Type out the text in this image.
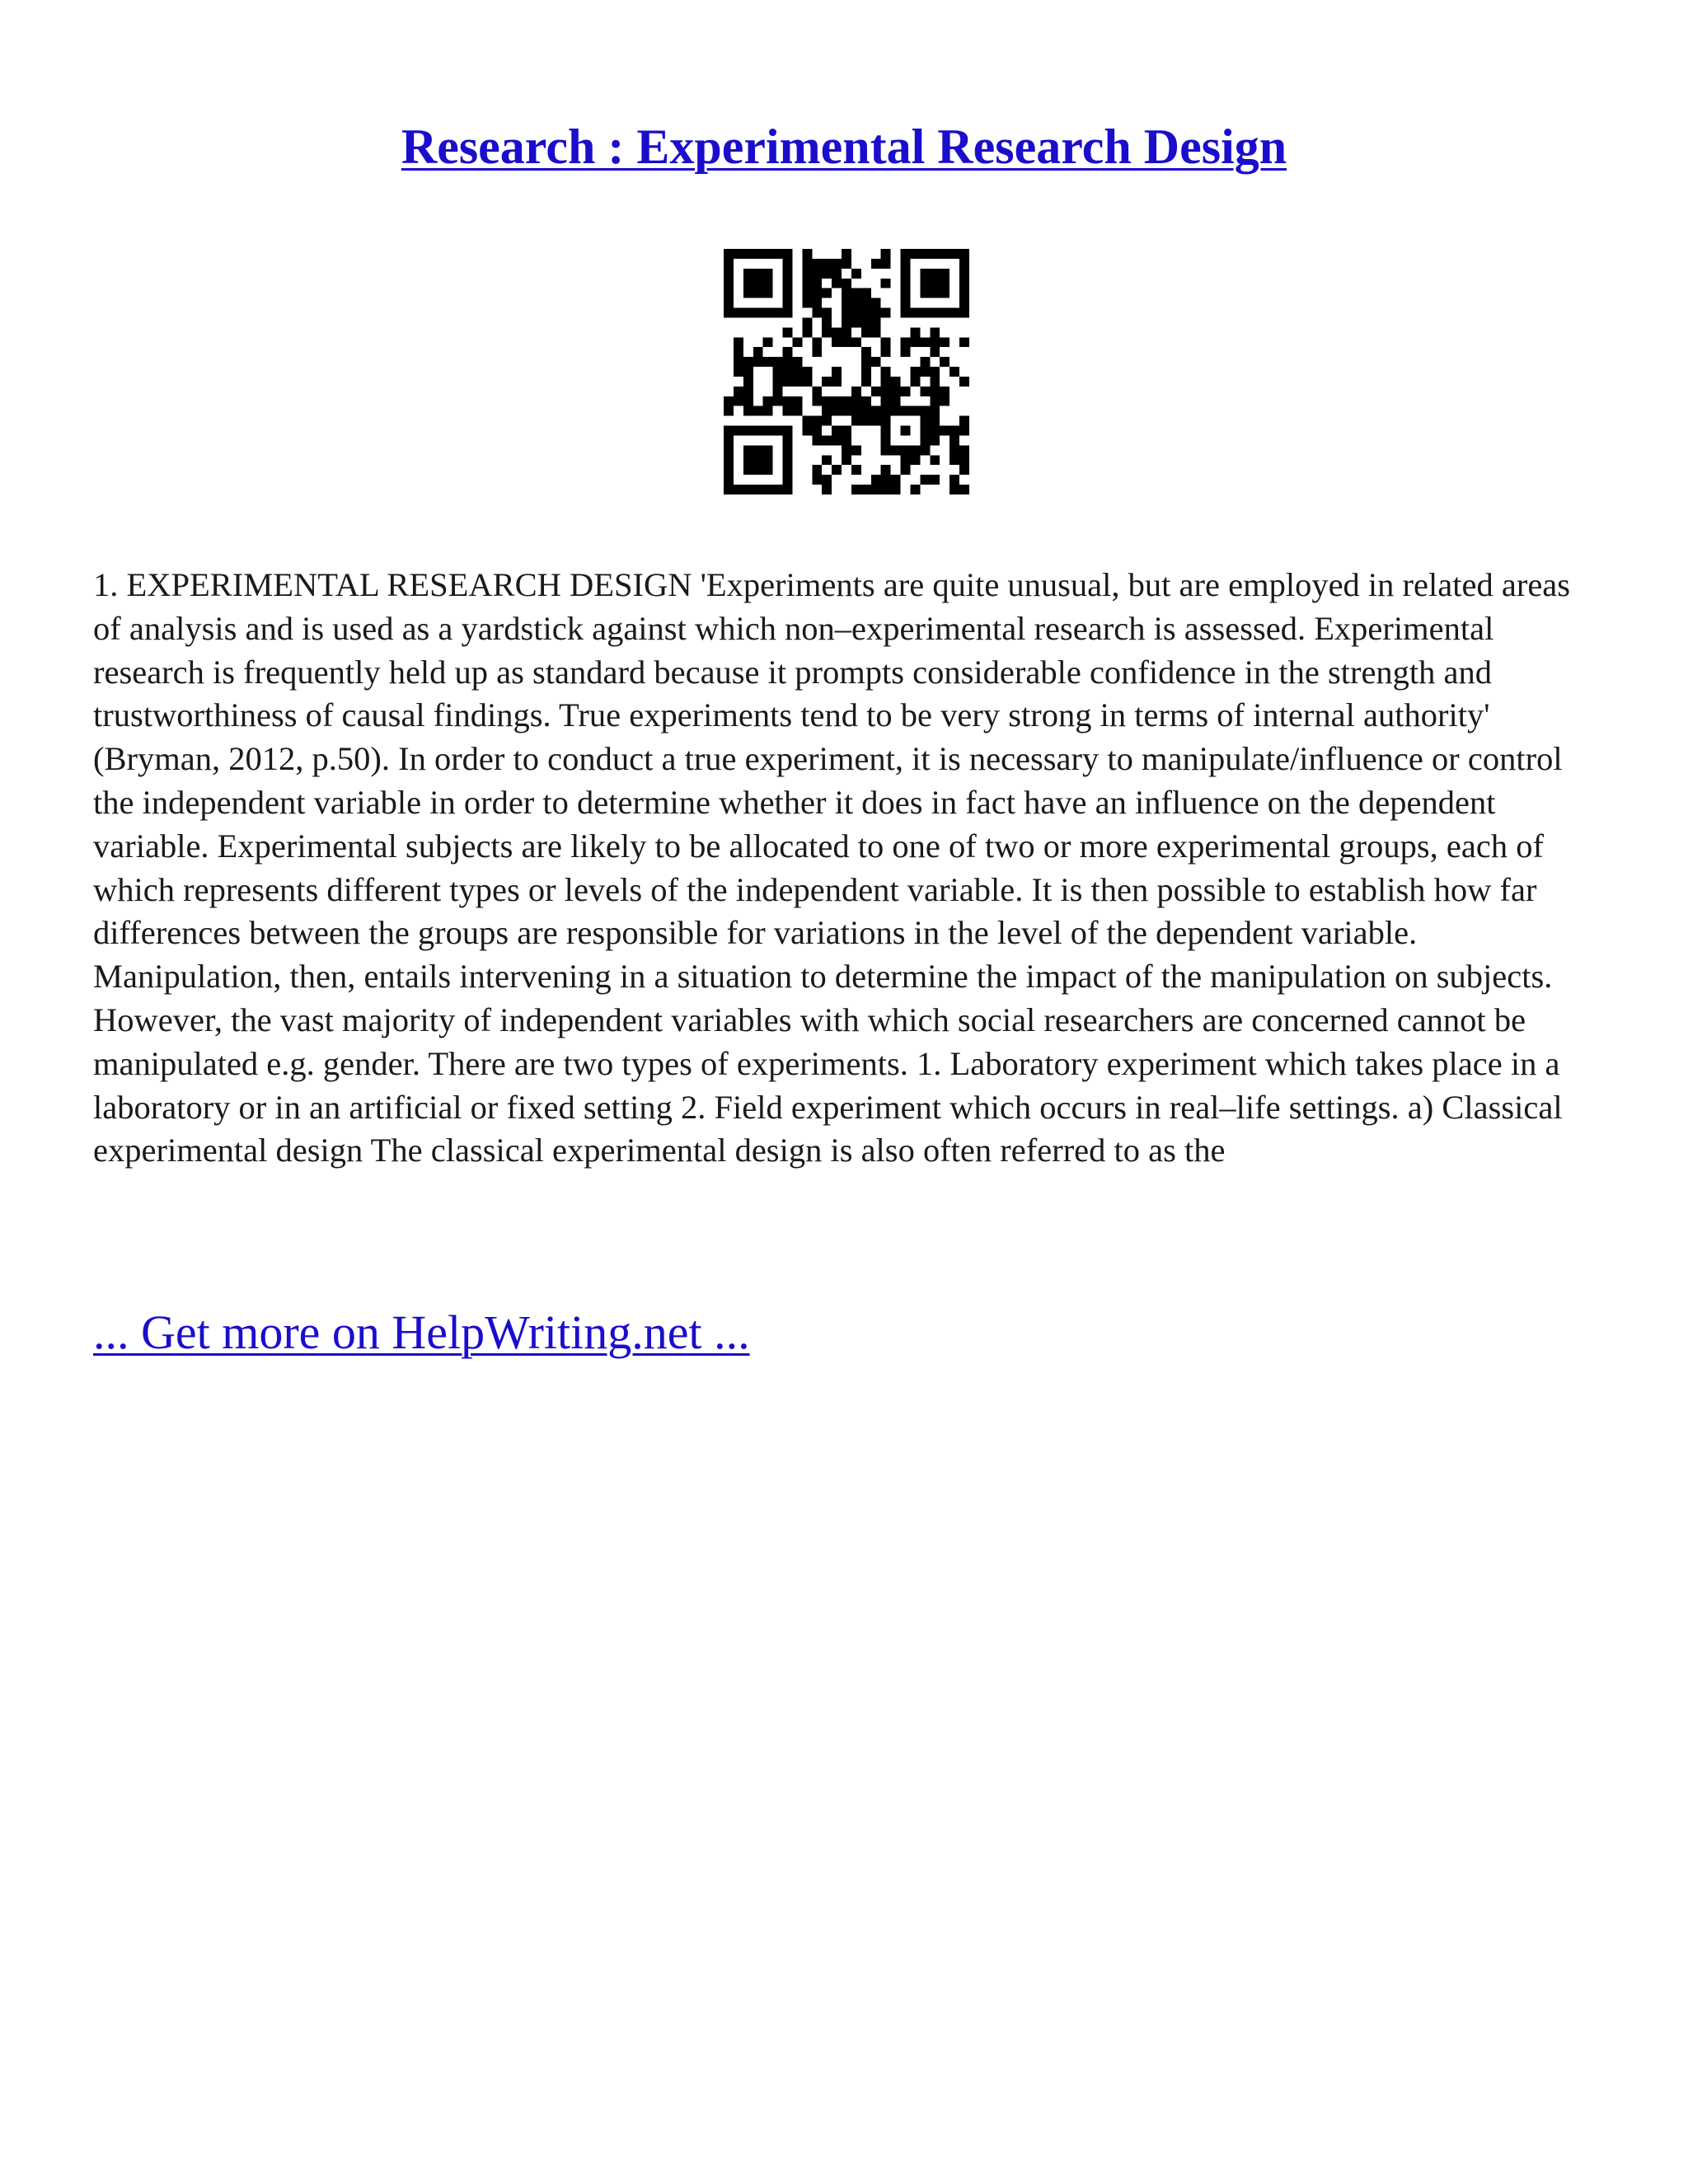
Research : Experimental Research Design

1. EXPERIMENTAL RESEARCH DESIGN 'Experiments are quite unusual, but are employed in related areas of analysis and is used as a yardstick against which non–experimental research is assessed. Experimental research is frequently held up as standard because it prompts considerable confidence in the strength and trustworthiness of causal findings. True experiments tend to be very strong in terms of internal authority' (Bryman, 2012, p.50). In order to conduct a true experiment, it is necessary to manipulate/influence or control the independent variable in order to determine whether it does in fact have an influence on the dependent variable. Experimental subjects are likely to be allocated to one of two or more experimental groups, each of which represents different types or levels of the independent variable. It is then possible to establish how far differences between the groups are responsible for variations in the level of the dependent variable. Manipulation, then, entails intervening in a situation to determine the impact of the manipulation on subjects. However, the vast majority of independent variables with which social researchers are concerned cannot be manipulated e.g. gender. There are two types of experiments. 1. Laboratory experiment which takes place in a laboratory or in an artificial or fixed setting 2. Field experiment which occurs in real–life settings. a) Classical experimental design The classical experimental design is also often referred to as the

... Get more on HelpWriting.net ...
